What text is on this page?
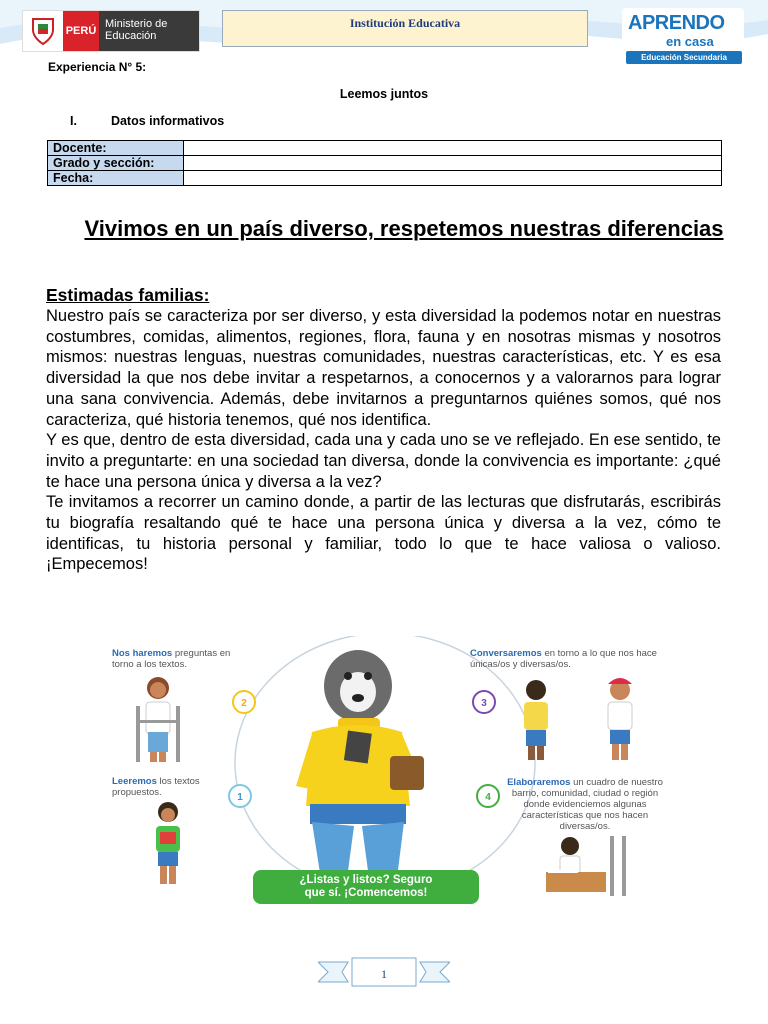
PERÚ
Ministerio de Educación
Institución Educativa	APRENDO
en casa
Educación Secundaria
Experiencia N° 5:
Leemos juntos
I.	Datos informativos
Docente:	
Grado y sección:	
Fecha:	
Vivimos en un país diverso, respetemos nuestras diferencias
Estimadas familias:

Nuestro país se caracteriza por ser diverso, y esta diversidad la podemos notar en nuestras costumbres, comidas, alimentos, regiones, flora, fauna y en nosotras mismas y nosotros mismos: nuestras lenguas, nuestras comunidades, nuestras características, etc. Y es esa diversidad la que nos debe invitar a respetarnos, a conocernos y a valorarnos para lograr una sana convivencia. Además, debe invitarnos a preguntarnos quiénes somos, qué nos caracteriza, qué historia tenemos, qué nos identifica.

Y es que, dentro de esta diversidad, cada una y cada uno se ve reflejado. En ese sentido, te invito a preguntarte: en una sociedad tan diversa, donde la convivencia es importante: ¿qué te hace una persona única y diversa a la vez?

Te invitamos a recorrer un camino donde, a partir de las lecturas que disfrutarás, escribirás tu biografía resaltando qué te hace una persona única y diversa a la vez, cómo te identificas, tu historia personal y familiar, todo lo que te hace valiosa o valioso. ¡Empecemos!

2	3
1	4
Nos haremos preguntas en torno a los textos.
Conversaremos en torno a lo que nos hace únicas/os y diversas/os.
Leeremos los textos propuestos.
Elaboraremos un cuadro de nuestro barrio, comunidad, ciudad o región donde evidenciemos algunas características que nos hacen diversas/os.
¿Listas y listos? Seguro
que sí. ¡Comencemos!
1
